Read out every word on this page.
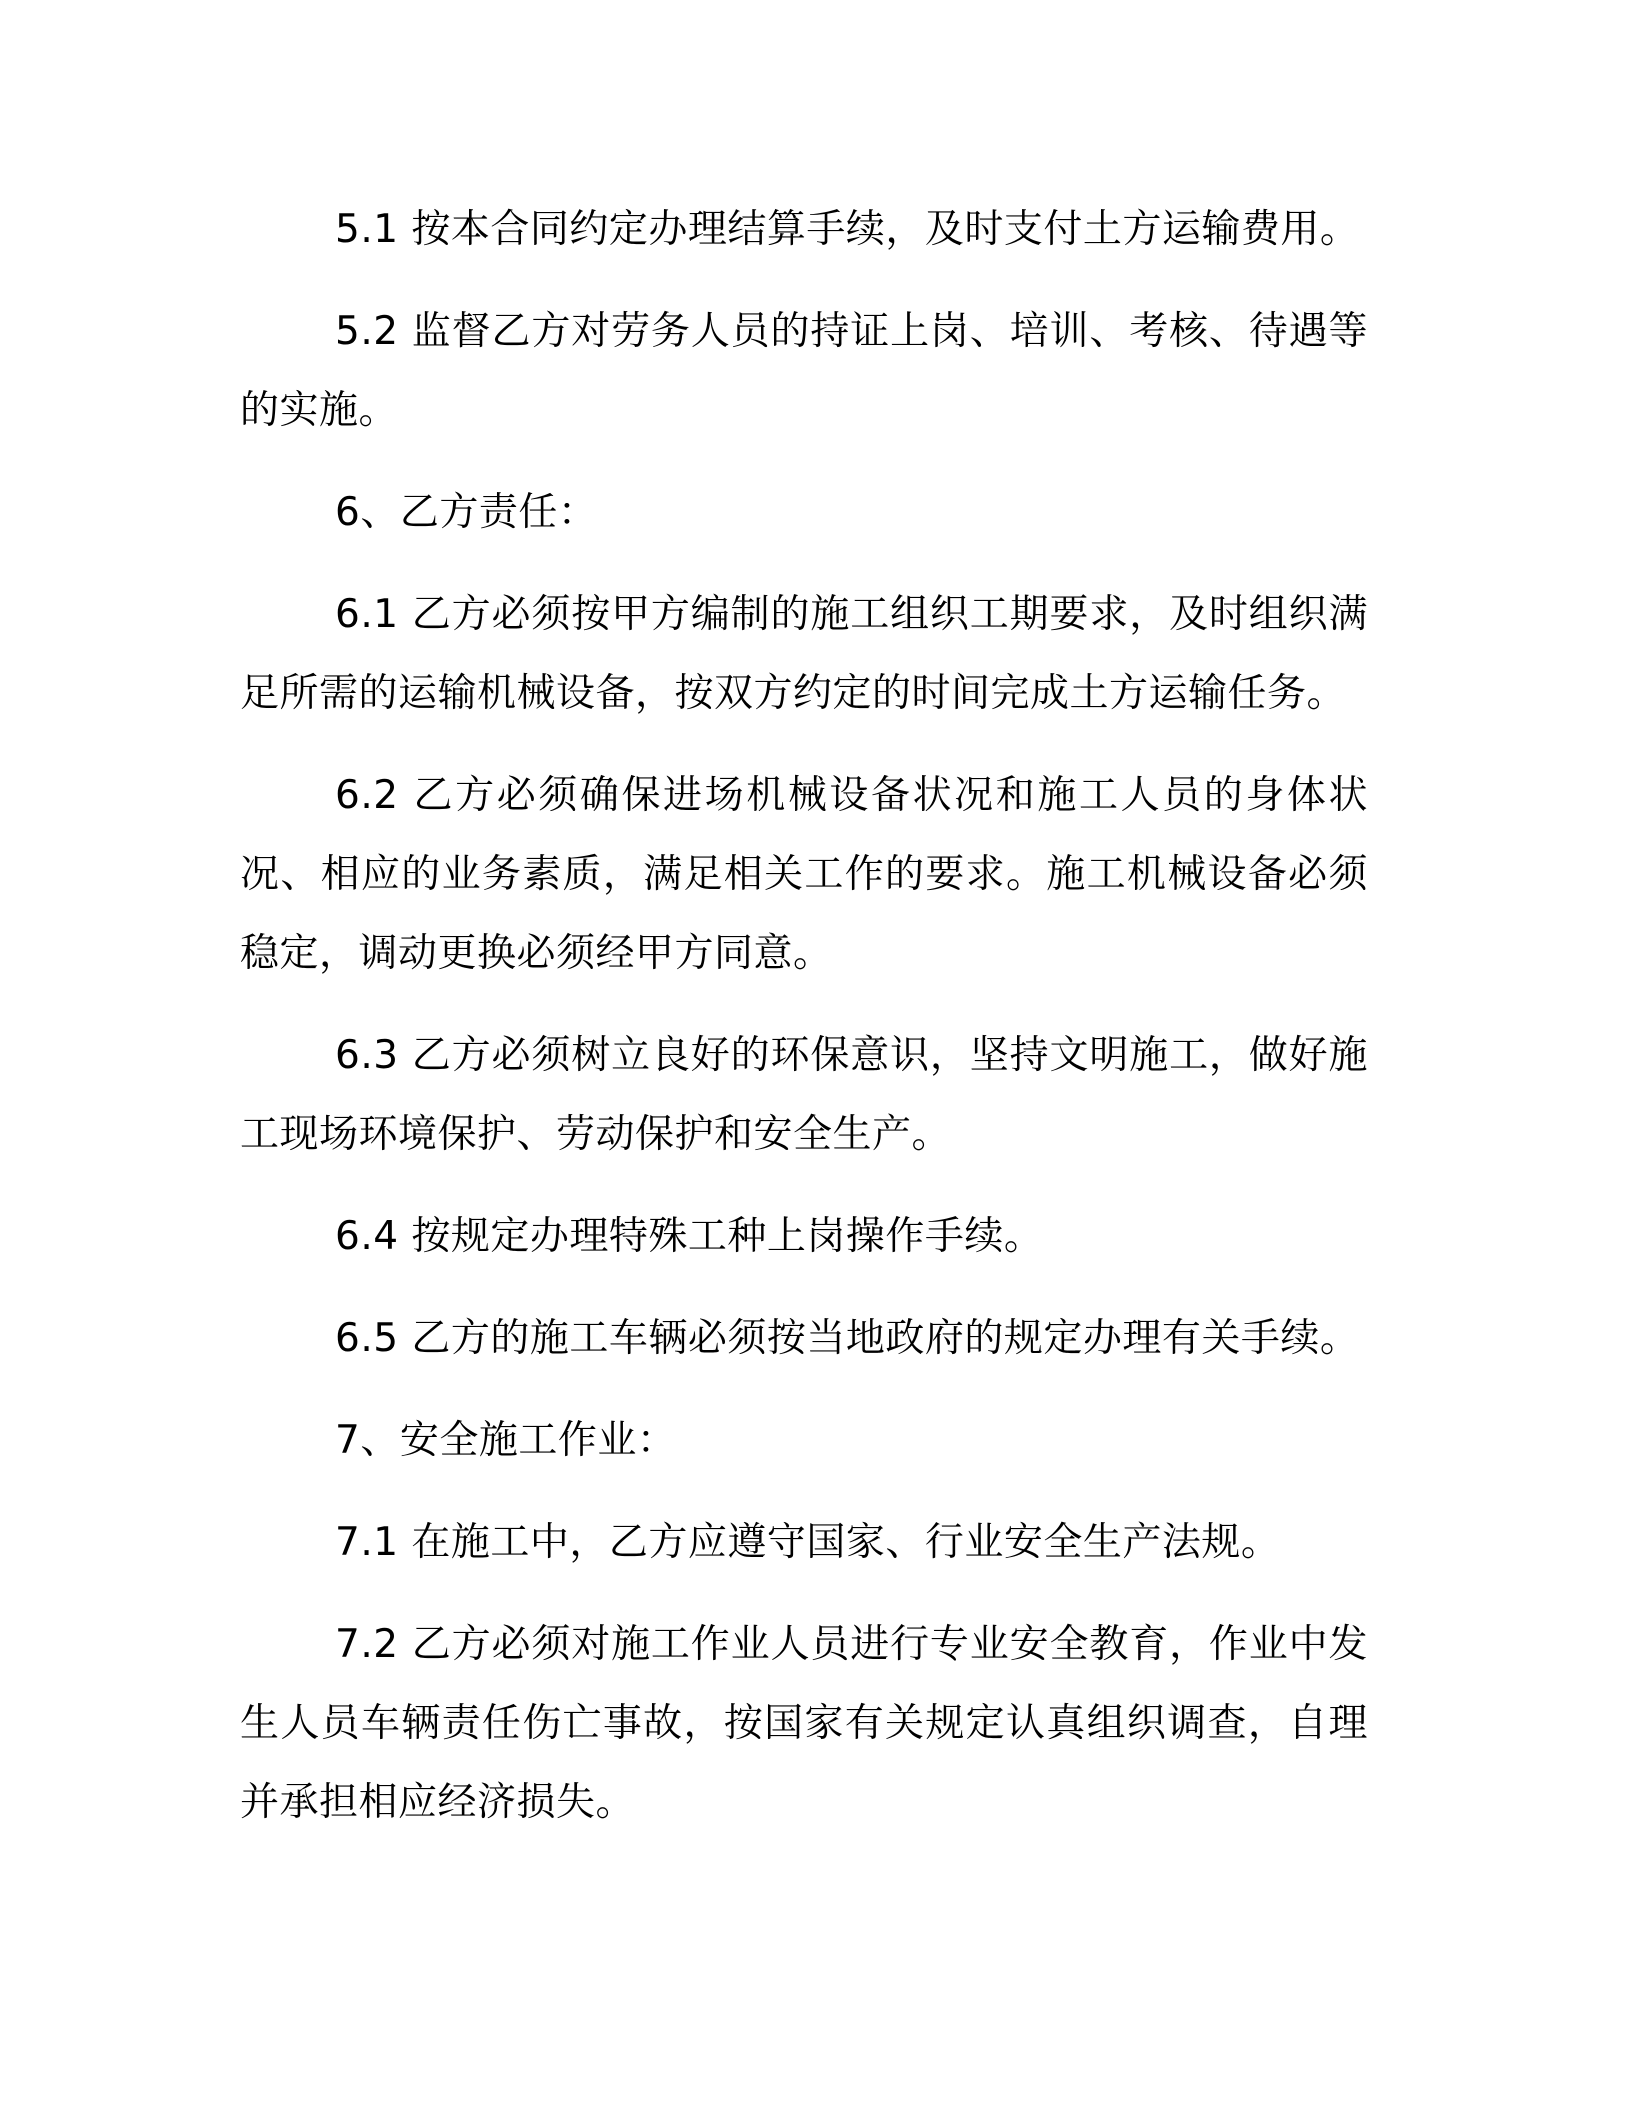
5.1 按本合同约定办理结算手续，及时支付土方运输费用。

5.2 监督乙方对劳务人员的持证上岗、培训、考核、待遇等的实施。

6、乙方责任：

6.1 乙方必须按甲方编制的施工组织工期要求，及时组织满足所需的运输机械设备，按双方约定的时间完成土方运输任务。

6.2 乙方必须确保进场机械设备状况和施工人员的身体状况、相应的业务素质，满足相关工作的要求。施工机械设备必须稳定，调动更换必须经甲方同意。

6.3 乙方必须树立良好的环保意识，坚持文明施工，做好施工现场环境保护、劳动保护和安全生产。

6.4 按规定办理特殊工种上岗操作手续。

6.5 乙方的施工车辆必须按当地政府的规定办理有关手续。

7、安全施工作业：

7.1 在施工中，乙方应遵守国家、行业安全生产法规。

7.2 乙方必须对施工作业人员进行专业安全教育，作业中发生人员车辆责任伤亡事故，按国家有关规定认真组织调查，自理并承担相应经济损失。
